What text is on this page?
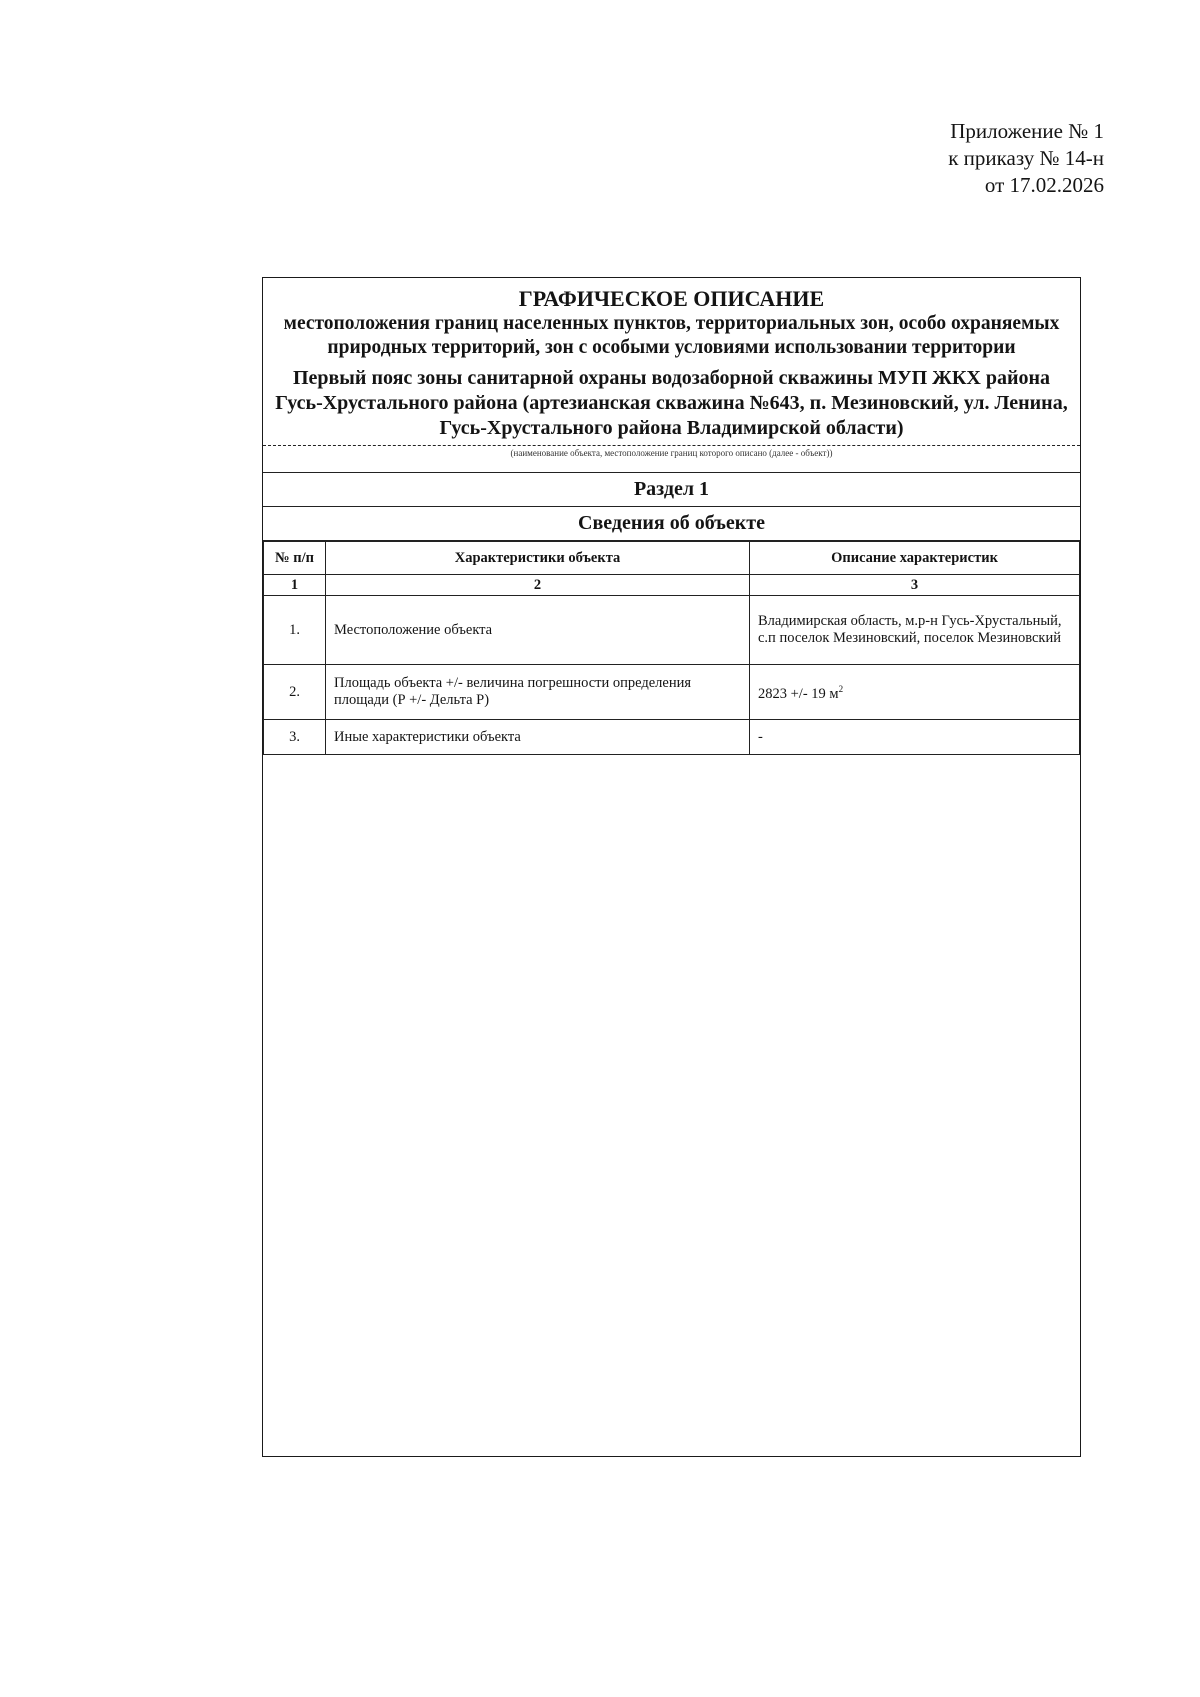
Приложение № 1
к приказу № 14-н
от 17.02.2026
ГРАФИЧЕСКОЕ ОПИСАНИЕ
местоположения границ населенных пунктов, территориальных зон, особо охраняемых природных территорий, зон с особыми условиями использовании территории
Первый пояс зоны санитарной охраны водозаборной скважины МУП ЖКХ района Гусь-Хрустального района (артезианская скважина №643, п. Мезиновский, ул. Ленина, Гусь-Хрустального района Владимирской области)
(наименование объекта, местоположение границ которого описано (далее - объект))
Раздел 1
Сведения об объекте
№ п/п	Характеристики объекта	Описание характеристик
1	2	3
1.	Местоположение объекта	Владимирская область, м.р-н Гусь-Хрустальный, с.п поселок Мезиновский, поселок Мезиновский
2.	Площадь объекта +/- величина погрешности определения площади (Р +/- Дельта Р)	2823 +/- 19 $м^2$
3.	Иные характеристики объекта	-
